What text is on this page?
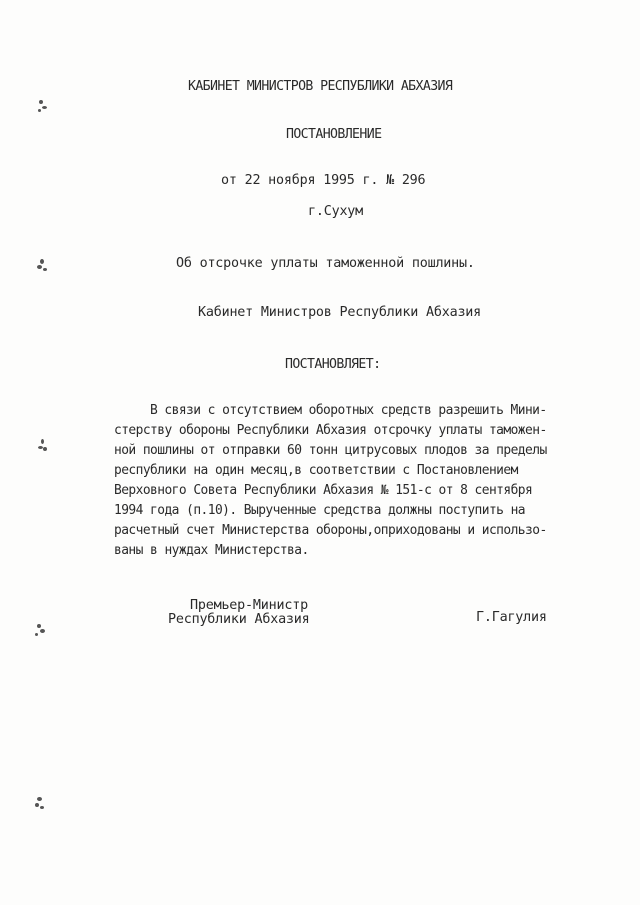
КАБИНЕТ МИНИСТРОВ РЕСПУБЛИКИ АБХАЗИЯ
ПОСТАНОВЛЕНИЕ
от 22 ноября 1995 г. № 296
г.Сухум
Об отсрочке уплаты таможенной пошлины.
Кабинет Министров Республики Абхазия
ПОСТАНОВЛЯЕТ:
В связи с отсутствием оборотных средств разрешить Мини-
стерству обороны Республики Абхазия отсрочку уплаты таможен-
ной пошлины от отправки 60 тонн цитрусовых плодов за пределы
республики на один месяц,в соответствии с Постановлением
Верховного Совета Республики Абхазия № 151-с от 8 сентября
1994 года (п.10). Вырученные средства должны поступить на
расчетный счет Министерства обороны,оприходованы и использо-
ваны в нуждах Министерства.
Премьер-Министр
Республики Абхазия	Г.Гагулия
